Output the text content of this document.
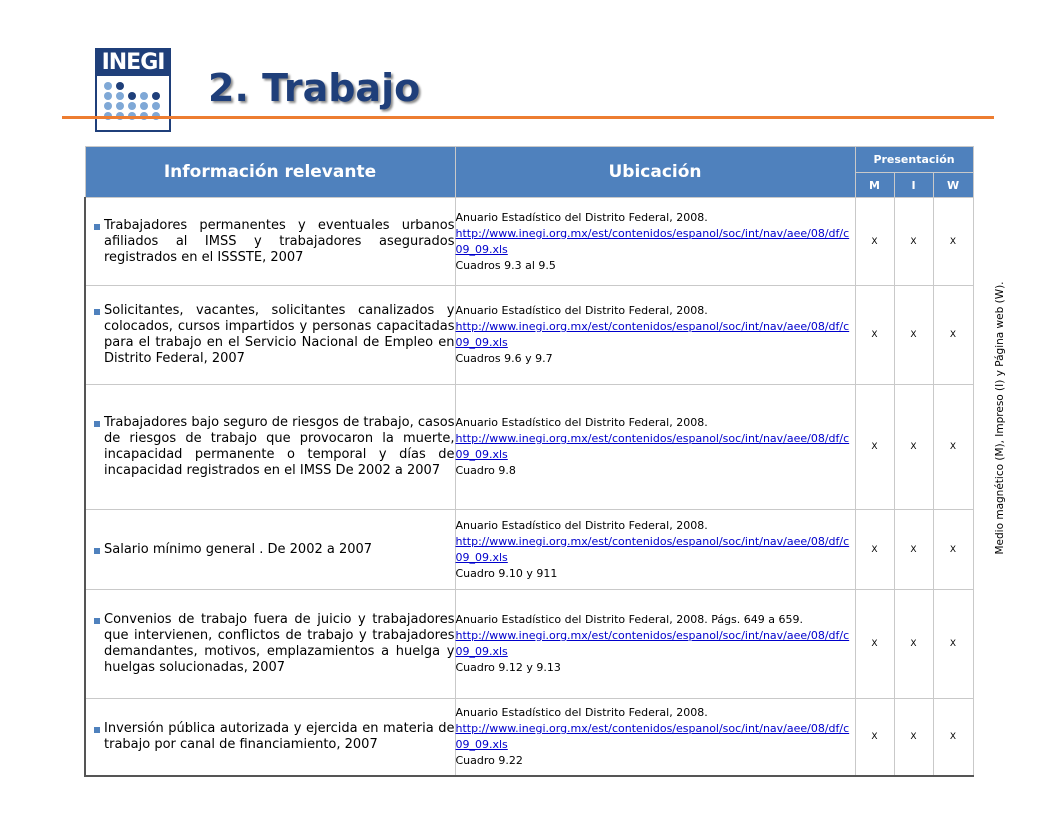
INEGI
2. Trabajo
Información relevante	Ubicación	Presentación		
		M	I	W

Trabajadores permanentes y eventuales urbanos afiliados al IMSS y trabajadores asegurados registrados en el ISSSTE, 2007	Anuario Estadístico del Distrito Federal, 2008.
http://www.inegi.org.mx/est/contenidos/espanol/soc/int/nav/aee/08/df/c09_09.xls
Cuadros 9.3 al 9.5	X	X	X

Solicitantes, vacantes, solicitantes canalizados y colocados, cursos impartidos y personas capacitadas para el trabajo en el Servicio Nacional de Empleo en Distrito Federal, 2007	Anuario Estadístico del Distrito Federal, 2008.
http://www.inegi.org.mx/est/contenidos/espanol/soc/int/nav/aee/08/df/c09_09.xls
Cuadros 9.6 y 9.7	X	X	X

Trabajadores bajo seguro de riesgos de trabajo, casos de riesgos de trabajo que provocaron la muerte, incapacidad permanente o temporal y días de incapacidad registrados en el IMSS De 2002 a 2007	Anuario Estadístico del Distrito Federal, 2008.
http://www.inegi.org.mx/est/contenidos/espanol/soc/int/nav/aee/08/df/c09_09.xls
Cuadro 9.8	X	X	X

Salario mínimo general . De 2002 a 2007	Anuario Estadístico del Distrito Federal, 2008.
http://www.inegi.org.mx/est/contenidos/espanol/soc/int/nav/aee/08/df/c09_09.xls
Cuadro 9.10 y 911	X	X	X

Convenios de trabajo fuera de juicio y trabajadores que intervienen, conflictos de trabajo y trabajadores demandantes, motivos, emplazamientos a huelga y huelgas solucionadas, 2007	Anuario Estadístico del Distrito Federal, 2008. Págs. 649 a 659.
http://www.inegi.org.mx/est/contenidos/espanol/soc/int/nav/aee/08/df/c09_09.xls
Cuadro 9.12 y 9.13	X	X	X

Inversión pública autorizada y ejercida en materia de trabajo por canal de financiamiento, 2007	Anuario Estadístico del Distrito Federal, 2008.
http://www.inegi.org.mx/est/contenidos/espanol/soc/int/nav/aee/08/df/c09_09.xls
Cuadro 9.22	X	X	X
Medio magnético (M), Impreso (I) y Página web (W).
